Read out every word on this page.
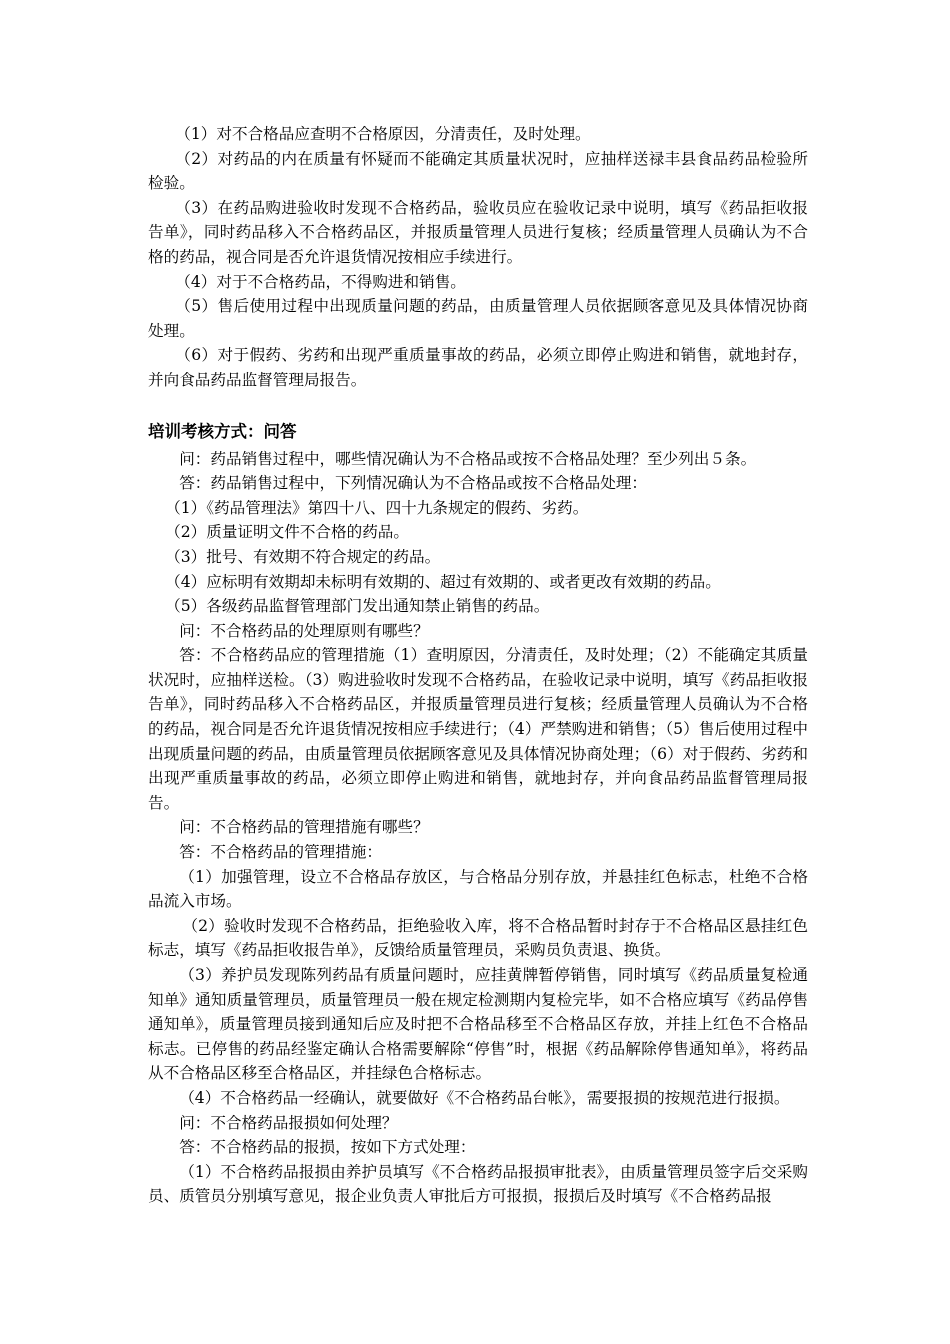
（1）对不合格品应查明不合格原因，分清责任，及时处理。

（2）对药品的内在质量有怀疑而不能确定其质量状况时，应抽样送禄丰县食品药品检验所检验。

（3）在药品购进验收时发现不合格药品，验收员应在验收记录中说明，填写《药品拒收报告单》，同时药品移入不合格药品区，并报质量管理人员进行复核；经质量管理人员确认为不合格的药品，视合同是否允许退货情况按相应手续进行。

（4）对于不合格药品，不得购进和销售。

（5）售后使用过程中出现质量问题的药品，由质量管理人员依据顾客意见及具体情况协商处理。

（6）对于假药、劣药和出现严重质量事故的药品，必须立即停止购进和销售，就地封存，并向食品药品监督管理局报告。

培训考核方式：问答

问：药品销售过程中，哪些情况确认为不合格品或按不合格品处理？至少列出５条。

答：药品销售过程中，下列情况确认为不合格品或按不合格品处理：

（1）《药品管理法》第四十八、四十九条规定的假药、劣药。

（2）质量证明文件不合格的药品。

（3）批号、有效期不符合规定的药品。

（4）应标明有效期却未标明有效期的、超过有效期的、或者更改有效期的药品。

（5）各级药品监督管理部门发出通知禁止销售的药品。

问：不合格药品的处理原则有哪些？

答：不合格药品应的管理措施（1）查明原因，分清责任，及时处理；（2）不能确定其质量状况时，应抽样送检。（3）购进验收时发现不合格药品，在验收记录中说明，填写《药品拒收报告单》，同时药品移入不合格药品区，并报质量管理员进行复核；经质量管理人员确认为不合格的药品，视合同是否允许退货情况按相应手续进行；（4）严禁购进和销售；（5）售后使用过程中出现质量问题的药品，由质量管理员依据顾客意见及具体情况协商处理；（6）对于假药、劣药和出现严重质量事故的药品，必须立即停止购进和销售，就地封存，并向食品药品监督管理局报告。

问：不合格药品的管理措施有哪些？

答：不合格药品的管理措施：

（1）加强管理，设立不合格品存放区，与合格品分别存放，并悬挂红色标志，杜绝不合格品流入市场。

（2）验收时发现不合格药品，拒绝验收入库，将不合格品暂时封存于不合格品区悬挂红色标志，填写《药品拒收报告单》，反馈给质量管理员，采购员负责退、换货。

（3）养护员发现陈列药品有质量问题时，应挂黄牌暂停销售，同时填写《药品质量复检通知单》通知质量管理员，质量管理员一般在规定检测期内复检完毕，如不合格应填写《药品停售通知单》，质量管理员接到通知后应及时把不合格品移至不合格品区存放，并挂上红色不合格品标志。已停售的药品经鉴定确认合格需要解除“停售”时，根据《药品解除停售通知单》，将药品从不合格品区移至合格品区，并挂绿色合格标志。

（4）不合格药品一经确认，就要做好《不合格药品台帐》，需要报损的按规范进行报损。

问：不合格药品报损如何处理？

答：不合格药品的报损，按如下方式处理：

（1）不合格药品报损由养护员填写《不合格药品报损审批表》，由质量管理员签字后交采购员、质管员分别填写意见，报企业负责人审批后方可报损，报损后及时填写《不合格药品报
